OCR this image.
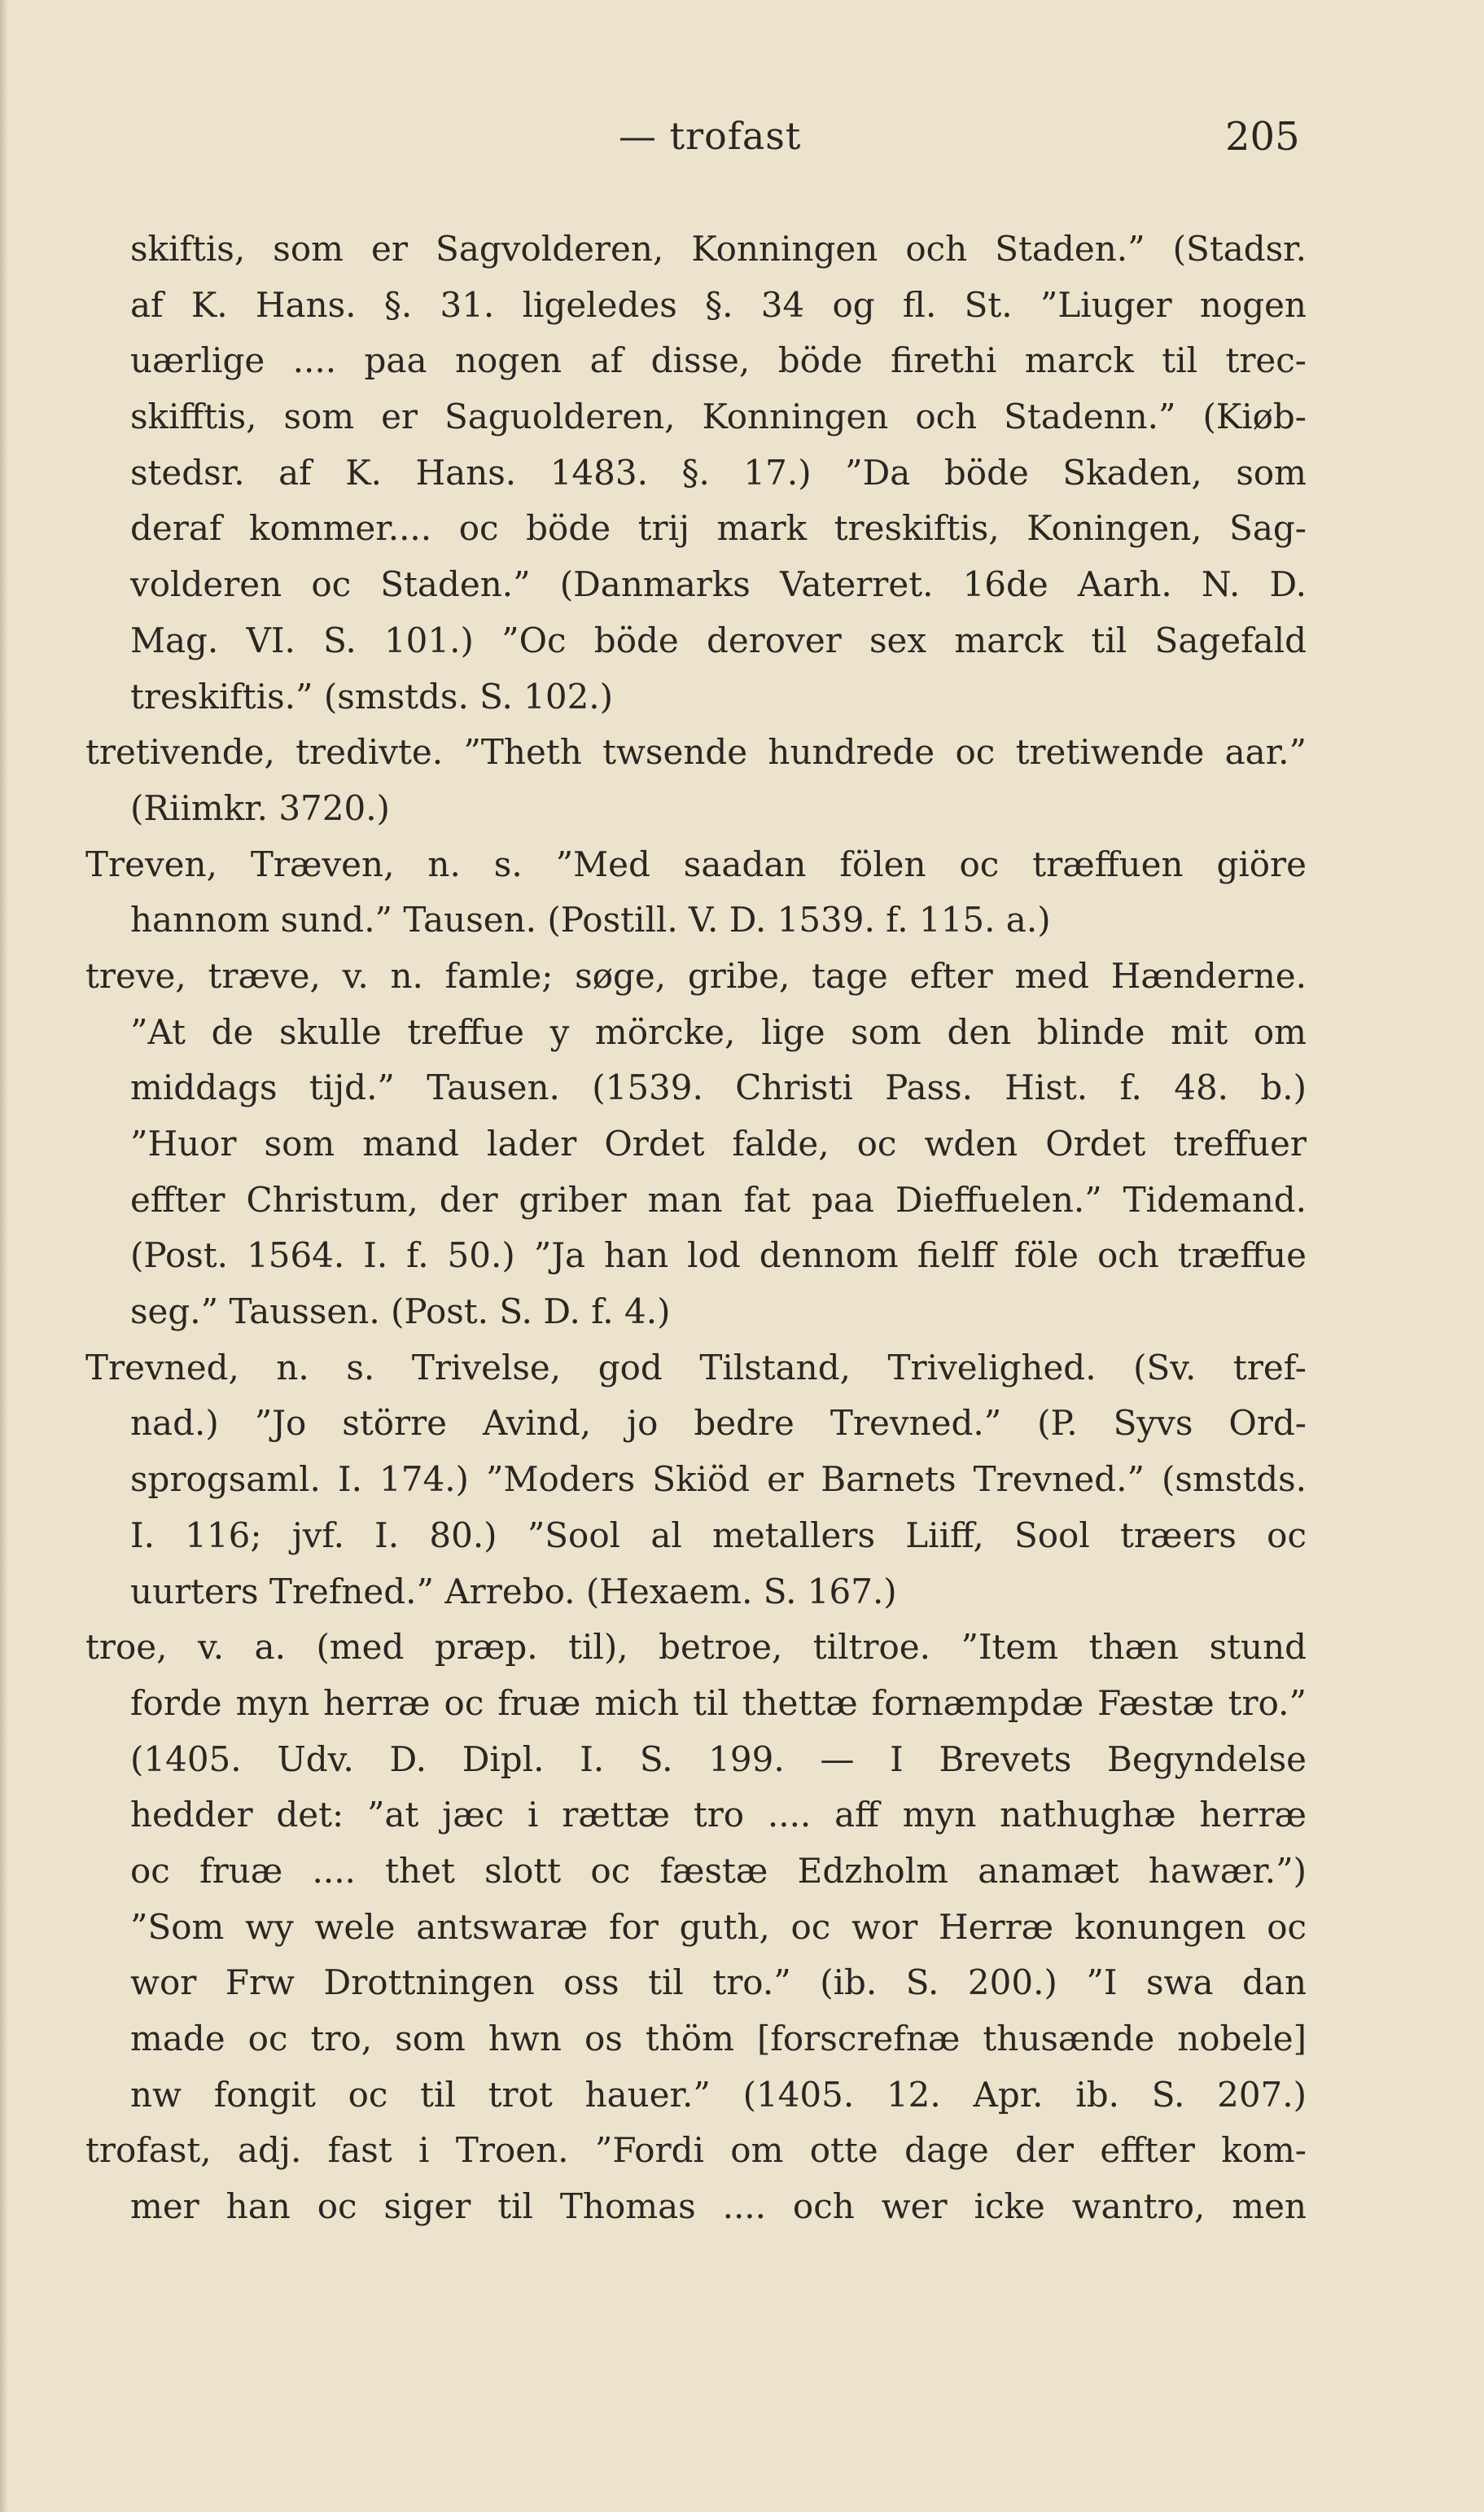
— trofast	205
skiftis, som er Sagvolderen, Konningen och Staden.” (Stadsr.
af K. Hans. §. 31. ligeledes §. 34 og fl. St. ”Liuger nogen
uærlige .... paa nogen af disse, böde firethi marck til trec-
skifftis, som er Saguolderen, Konningen och Stadenn.” (Kiøb-
stedsr. af K. Hans. 1483. §. 17.) ”Da böde Skaden, som
deraf kommer.... oc böde trij mark treskiftis, Koningen, Sag-
volderen oc Staden.” (Danmarks Vaterret. 16de Aarh. N. D.
Mag. VI. S. 101.) ”Oc böde derover sex marck til Sagefald
treskiftis.” (smstds. S. 102.)
tretivende, tredivte. ”Theth twsende hundrede oc tretiwende aar.”
(Riimkr. 3720.)
Treven, Træven, n. s. ”Med saadan fölen oc træffuen giöre
hannom sund.” Tausen. (Postill. V. D. 1539. f. 115. a.)
treve, træve, v. n. famle; søge, gribe, tage efter med Hænderne.
”At de skulle treffue y mörcke, lige som den blinde mit om
middags tijd.” Tausen. (1539. Christi Pass. Hist. f. 48. b.)
”Huor som mand lader Ordet falde, oc wden Ordet treffuer
effter Christum, der griber man fat paa Dieffuelen.” Tidemand.
(Post. 1564. I. f. 50.) ”Ja han lod dennom fielff föle och træffue
seg.” Taussen. (Post. S. D. f. 4.)
Trevned, n. s. Trivelse, god Tilstand, Trivelighed. (Sv. tref-
nad.) ”Jo större Avind, jo bedre Trevned.” (P. Syvs Ord-
sprogsaml. I. 174.) ”Moders Skiöd er Barnets Trevned.” (smstds.
I. 116; jvf. I. 80.) ”Sool al metallers Liiff, Sool træers oc
uurters Trefned.” Arrebo. (Hexaem. S. 167.)
troe, v. a. (med præp. til), betroe, tiltroe. ”Item thæn stund
forde myn herræ oc fruæ mich til thettæ fornæmpdæ Fæstæ tro.”
(1405. Udv. D. Dipl. I. S. 199. — I Brevets Begyndelse
hedder det: ”at jæc i rættæ tro .... aff myn nathughæ herræ
oc fruæ .... thet slott oc fæstæ Edzholm anamæt hawær.”)
”Som wy wele antswaræ for guth, oc wor Herræ konungen oc
wor Frw Drottningen oss til tro.” (ib. S. 200.) ”I swa dan
made oc tro, som hwn os thöm [forscrefnæ thusænde nobele]
nw fongit oc til trot hauer.” (1405. 12. Apr. ib. S. 207.)
trofast, adj. fast i Troen. ”Fordi om otte dage der effter kom-
mer han oc siger til Thomas .... och wer icke wantro, men
